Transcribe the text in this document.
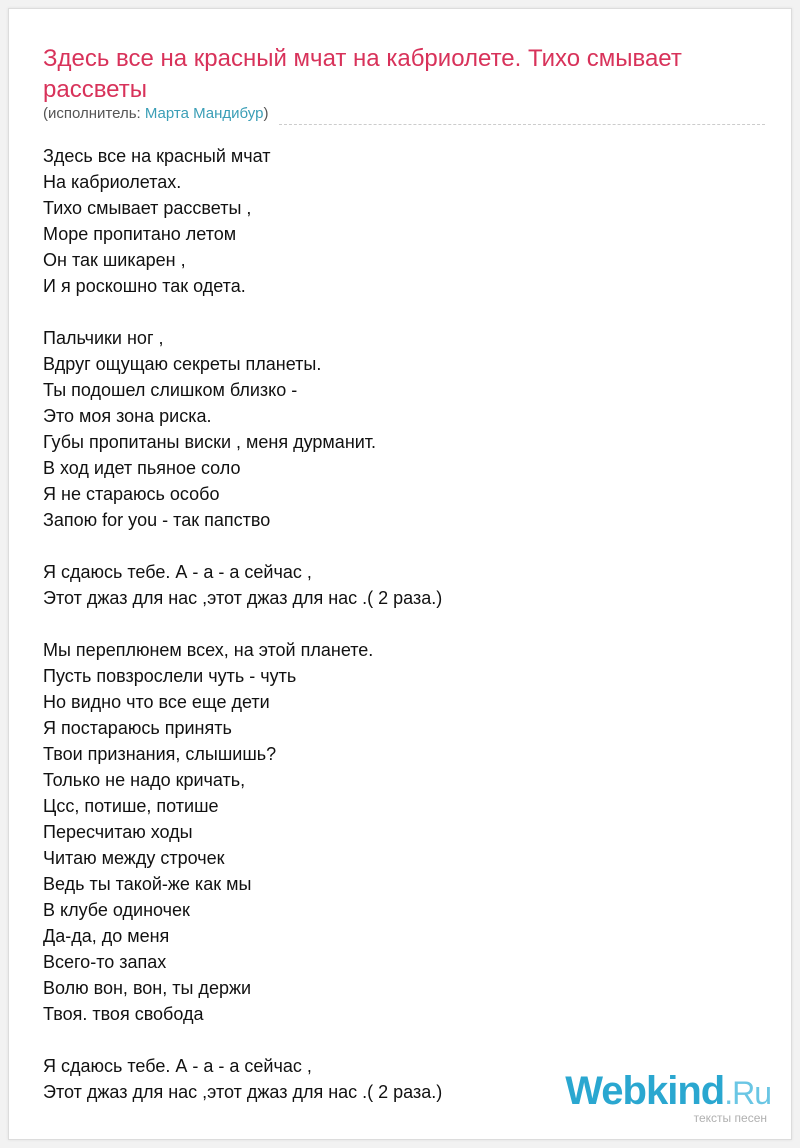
Здесь все на красный мчат на кабриолете. Тихо смывает рассветы
(исполнитель: Марта Мандибур)
Здесь все на красный мчат
На кабриолетах.
Тихо смывает рассветы ,
Море пропитано летом
Он так шикарен ,
И я роскошно так одета.
Пальчики ног ,
Вдруг ощущаю секреты планеты.
Ты подошел слишком близко -
Это моя зона риска.
Губы пропитаны виски , меня дурманит.
В ход идет пьяное соло
Я не стараюсь особо
Запою for you - так папство
Я сдаюсь тебе. А - а - а сейчас ,
Этот джаз для нас ,этот джаз для нас .( 2 раза.)
Мы переплюнем всех, на этой планете.
Пусть повзрослели чуть - чуть
Но видно что все еще дети
Я постараюсь принять
Твои признания, слышишь?
Только не надо кричать,
Цсс, потише, потише
Пересчитаю ходы
Читаю между строчек
Ведь ты такой-же как мы
В клубе одиночек
Да-да, до меня
Всего-то запах
Волю вон, вон, ты держи
Твоя. твоя свобода
Я сдаюсь тебе. А - а - а сейчас ,
Этот джаз для нас ,этот джаз для нас .( 2 раза.)	Webkind.Ru
тексты песен
